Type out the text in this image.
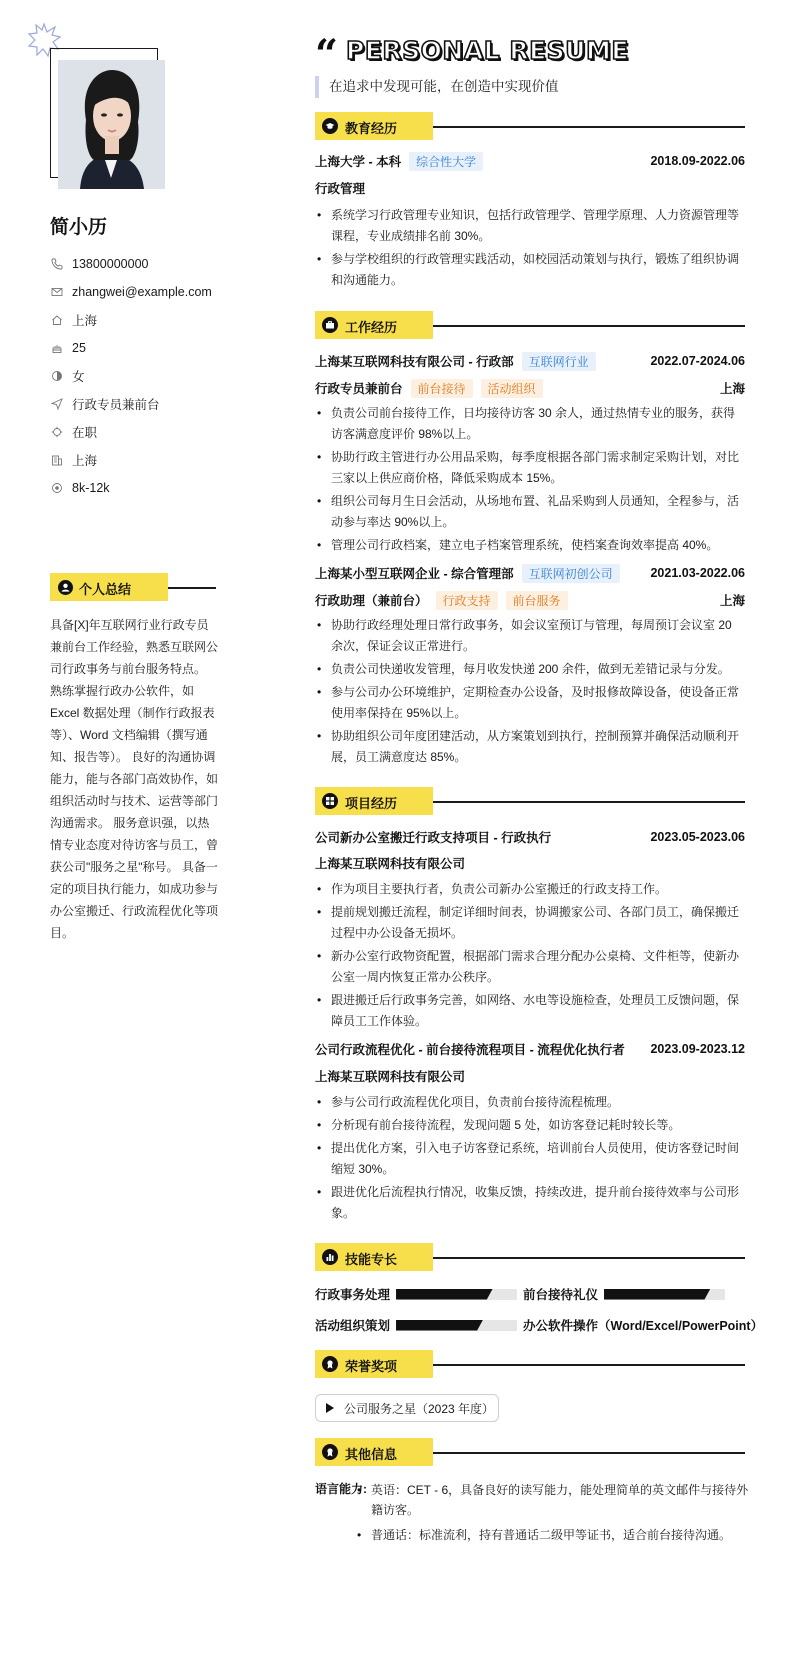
简小历
13800000000
zhangwei@example.com
上海
25
女
行政专员兼前台
在职
上海
8k-12k
个人总结
具备[X]年互联网行业行政专员兼前台工作经验，熟悉互联网公司行政事务与前台服务特点。 熟练掌握行政办公软件，如 Excel 数据处理（制作行政报表等）、Word 文档编辑（撰写通知、报告等）。 良好的沟通协调能力，能与各部门高效协作，如组织活动时与技术、运营等部门沟通需求。 服务意识强，以热情专业态度对待访客与员工，曾获公司"服务之星"称号。 具备一定的项目执行能力，如成功参与办公室搬迁、行政流程优化等项目。
“ PERSONAL RESUME
在追求中发现可能，在创造中实现价值
教育经历
上海大学 - 本科	综合性大学	2018.09-2022.06
行政管理
• 系统学习行政管理专业知识，包括行政管理学、管理学原理、人力资源管理等课程，专业成绩排名前 30%。
• 参与学校组织的行政管理实践活动，如校园活动策划与执行，锻炼了组织协调和沟通能力。
工作经历
上海某互联网科技有限公司 - 行政部	互联网行业	2022.07-2024.06
行政专员兼前台	前台接待	活动组织	上海
• 负责公司前台接待工作，日均接待访客 30 余人，通过热情专业的服务，获得访客满意度评价 98%以上。
• 协助行政主管进行办公用品采购，每季度根据各部门需求制定采购计划，对比三家以上供应商价格，降低采购成本 15%。
• 组织公司每月生日会活动，从场地布置、礼品采购到人员通知，全程参与，活动参与率达 90%以上。
• 管理公司行政档案，建立电子档案管理系统，使档案查询效率提高 40%。
上海某小型互联网企业 - 综合管理部	互联网初创公司	2021.03-2022.06
行政助理（兼前台）	行政支持	前台服务	上海
• 协助行政经理处理日常行政事务，如会议室预订与管理，每周预订会议室 20 余次，保证会议正常进行。
• 负责公司快递收发管理，每月收发快递 200 余件，做到无差错记录与分发。
• 参与公司办公环境维护，定期检查办公设备，及时报修故障设备，使设备正常使用率保持在 95%以上。
• 协助组织公司年度团建活动，从方案策划到执行，控制预算并确保活动顺利开展，员工满意度达 85%。
项目经历
公司新办公室搬迁行政支持项目 - 行政执行	2023.05-2023.06
上海某互联网科技有限公司
• 作为项目主要执行者，负责公司新办公室搬迁的行政支持工作。
• 提前规划搬迁流程，制定详细时间表，协调搬家公司、各部门员工，确保搬迁过程中办公设备无损坏。
• 新办公室行政物资配置，根据部门需求合理分配办公桌椅、文件柜等，使新办公室一周内恢复正常办公秩序。
• 跟进搬迁后行政事务完善，如网络、水电等设施检查，处理员工反馈问题，保障员工工作体验。
公司行政流程优化 - 前台接待流程项目 - 流程优化执行者 2023.09-2023.12
上海某互联网科技有限公司
• 参与公司行政流程优化项目，负责前台接待流程梳理。
• 分析现有前台接待流程，发现问题 5 处，如访客登记耗时较长等。
• 提出优化方案，引入电子访客登记系统，培训前台人员使用，使访客登记时间缩短 30%。
• 跟进优化后流程执行情况，收集反馈，持续改进，提升前台接待效率与公司形象。
技能专长
行政事务处理	前台接待礼仪
活动组织策划	办公软件操作（Word/Excel/PowerPoint）
荣誉奖项
公司服务之星（2023 年度）
其他信息
语言能力:
• 英语：CET - 6，具备良好的读写能力，能处理简单的英文邮件与接待外籍访客。
• 普通话：标准流利，持有普通话二级甲等证书，适合前台接待沟通。
